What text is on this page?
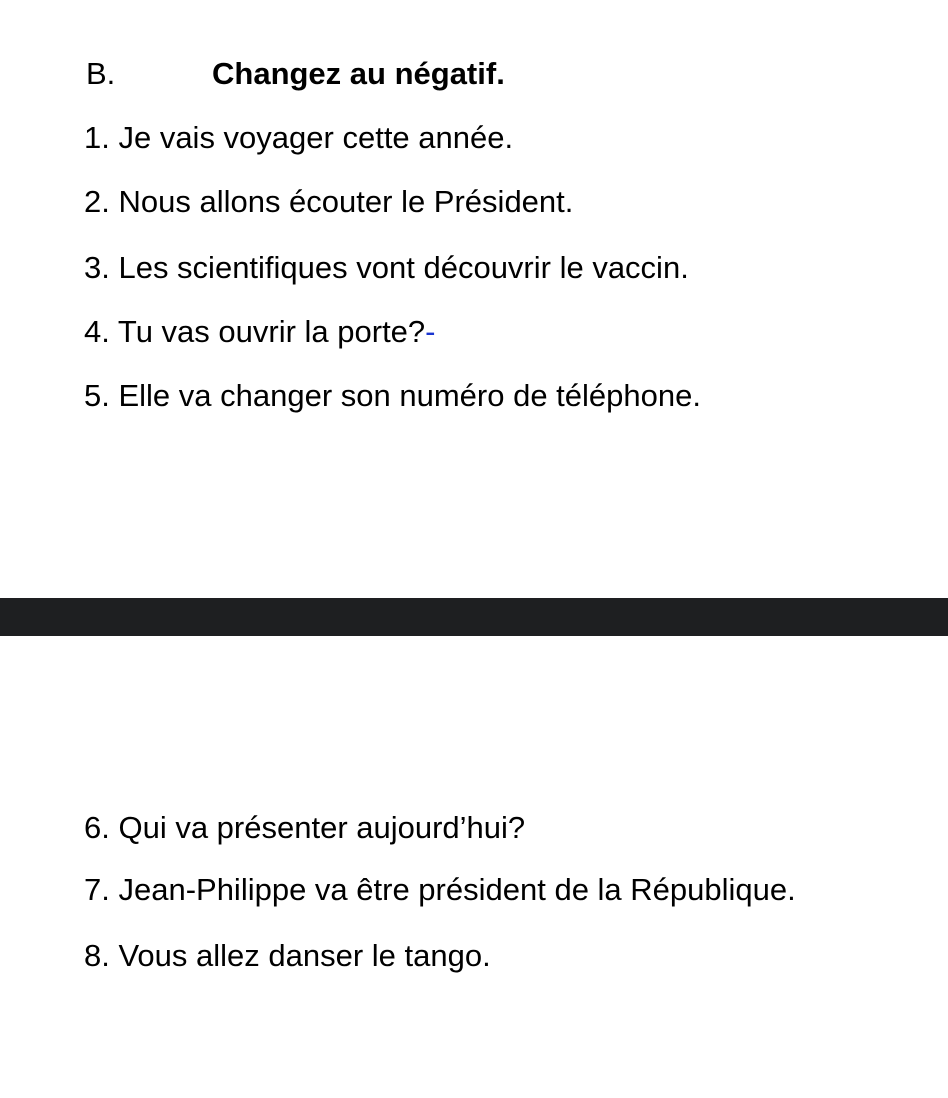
B.	Changez au négatif.
1. Je vais voyager cette année.
2. Nous allons écouter le Président.
3. Les scientifiques vont découvrir le vaccin.
4. Tu vas ouvrir la porte?-
5. Elle va changer son numéro de téléphone.
6. Qui va présenter aujourd’hui?
7. Jean-Philippe va être président de la République.
8. Vous allez danser le tango.
